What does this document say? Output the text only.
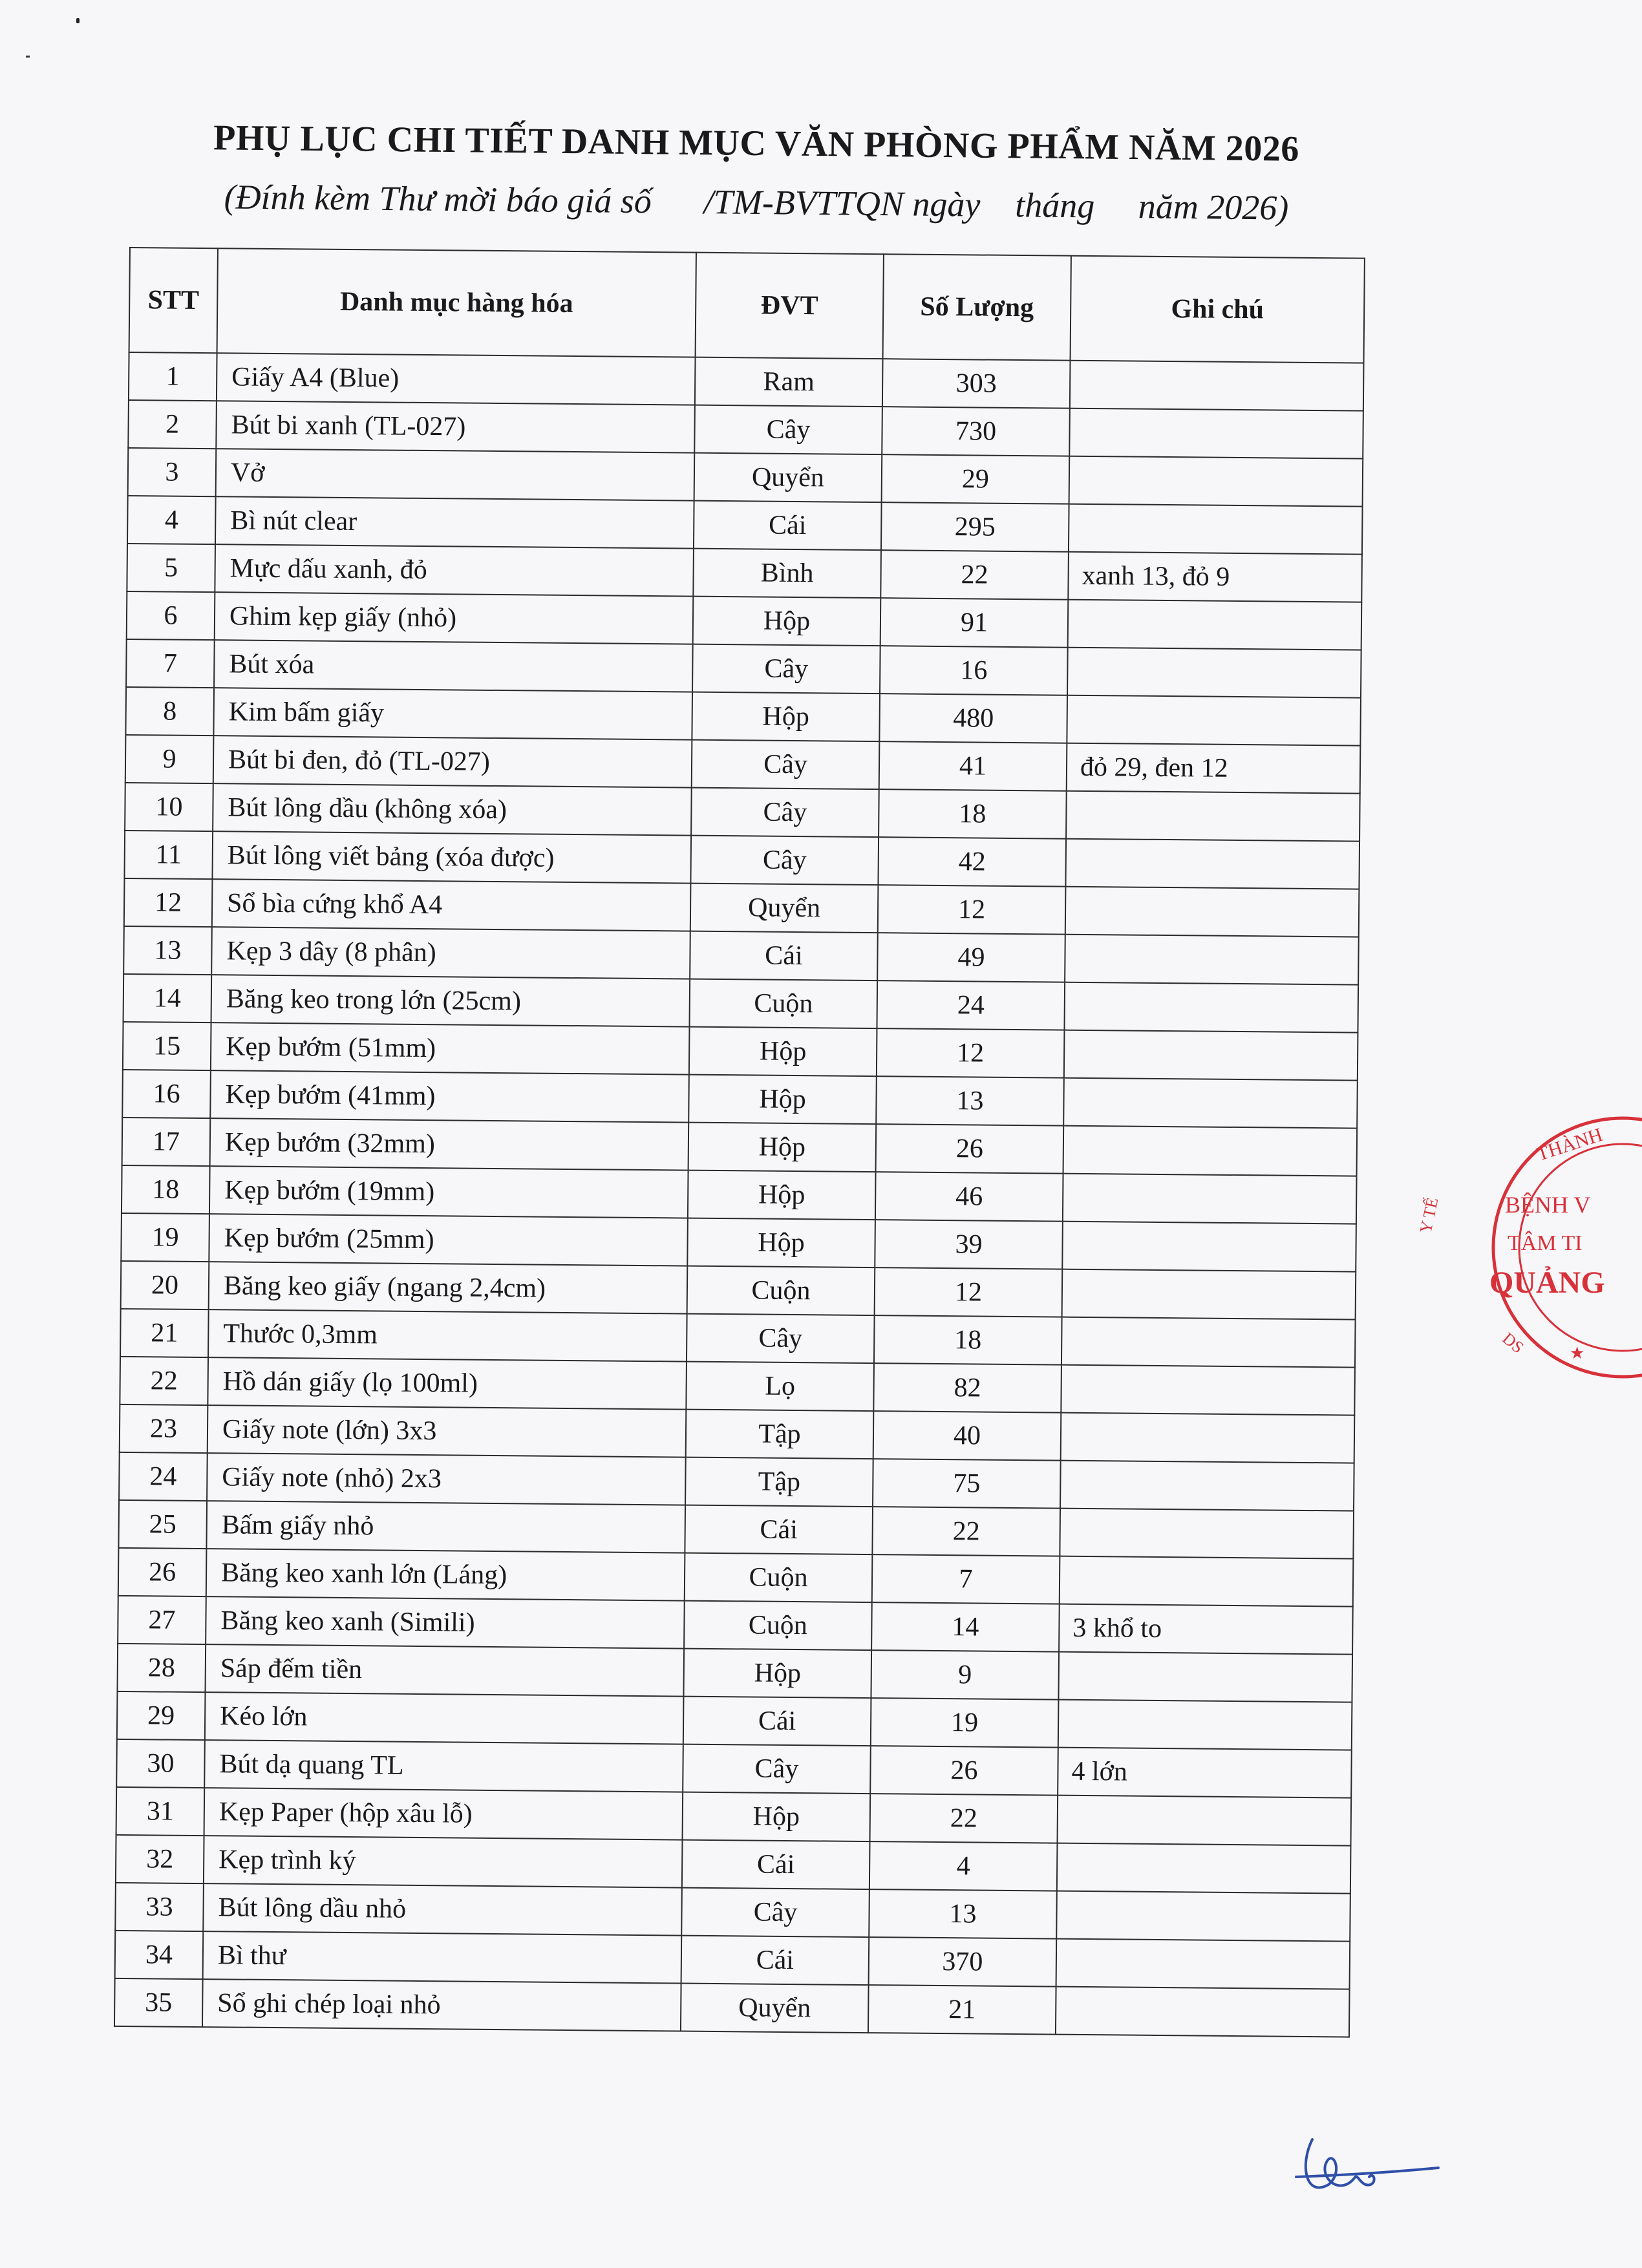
PHỤ LỤC CHI TIẾT DANH MỤC VĂN PHÒNG PHẨM NĂM 2026
(Đính kèm Thư mời báo giá số      /TM-BVTTQN ngày    tháng     năm 2026)
STT	Danh mục hàng hóa	ĐVT	Số Lượng	Ghi chú
1	Giấy A4 (Blue)	Ram	303	
2	Bút bi xanh (TL-027)	Cây	730	
3	Vở	Quyển	29	
4	Bì nút clear	Cái	295	
5	Mực dấu xanh, đỏ	Bình	22	xanh 13, đỏ 9
6	Ghim kẹp giấy (nhỏ)	Hộp	91	
7	Bút xóa	Cây	16	
8	Kim bấm giấy	Hộp	480	
9	Bút bi đen, đỏ (TL-027)	Cây	41	đỏ 29, đen 12
10	Bút lông dầu (không xóa)	Cây	18	
11	Bút lông viết bảng (xóa được)	Cây	42	
12	Sổ bìa cứng khổ A4	Quyển	12	
13	Kẹp 3 dây (8 phân)	Cái	49	
14	Băng keo trong lớn (25cm)	Cuộn	24	
15	Kẹp bướm (51mm)	Hộp	12	
16	Kẹp bướm (41mm)	Hộp	13	
17	Kẹp bướm (32mm)	Hộp	26	
18	Kẹp bướm (19mm)	Hộp	46	
19	Kẹp bướm (25mm)	Hộp	39	
20	Băng keo giấy (ngang 2,4cm)	Cuộn	12	
21	Thước 0,3mm	Cây	18	
22	Hồ dán giấy (lọ 100ml)	Lọ	82	
23	Giấy note (lớn) 3x3	Tập	40	
24	Giấy note (nhỏ) 2x3	Tập	75	
25	Bấm giấy nhỏ	Cái	22	
26	Băng keo xanh lớn (Láng)	Cuộn	7	
27	Băng keo xanh (Simili)	Cuộn	14	3 khổ to
28	Sáp đếm tiền	Hộp	9	
29	Kéo lớn	Cái	19	
30	Bút dạ quang TL	Cây	26	4 lớn
31	Kẹp Paper (hộp xâu lỗ)	Hộp	22	
32	Kẹp trình ký	Cái	4	
33	Bút lông dầu nhỏ	Cây	13	
34	Bì thư	Cái	370	
35	Sổ ghi chép loại nhỏ	Quyển	21	
THÀNH
BỆNH V
TÂM TI
QUẢNG
Y TẾ
DS	★
